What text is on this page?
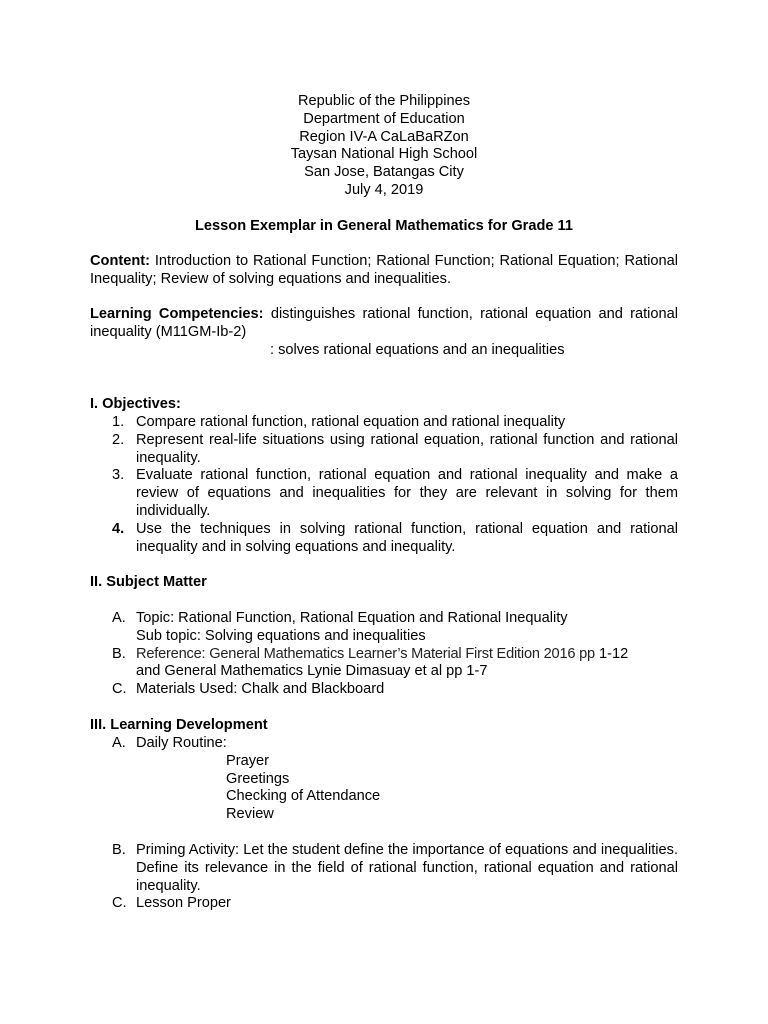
Republic of the Philippines
Department of Education
Region IV-A CaLaBaRZon
Taysan National High School
San Jose, Batangas City
July 4, 2019
Lesson Exemplar in General Mathematics for Grade 11
Content: Introduction to Rational Function; Rational Function; Rational Equation; Rational Inequality; Review of solving equations and inequalities.
Learning Competencies: distinguishes rational function, rational equation and rational inequality (M11GM-Ib-2)
: solves rational equations and an inequalities
I. Objectives:
1. Compare rational function, rational equation and rational inequality
2. Represent real-life situations using rational equation, rational function and rational inequality.
3. Evaluate rational function, rational equation and rational inequality and make a review of equations and inequalities for they are relevant in solving for them individually.
4. Use the techniques in solving rational function, rational equation and rational inequality and in solving equations and inequality.
II. Subject Matter
A. Topic: Rational Function, Rational Equation and Rational Inequality
Sub topic: Solving equations and inequalities
B. Reference: General Mathematics Learner’s Material First Edition 2016 pp 1-12
and General Mathematics Lynie Dimasuay et al pp 1-7
C. Materials Used: Chalk and Blackboard
III. Learning Development
A. Daily Routine:
Prayer
Greetings
Checking of Attendance
Review
B. Priming Activity: Let the student define the importance of equations and inequalities. Define its relevance in the field of rational function, rational equation and rational inequality.
C. Lesson Proper
